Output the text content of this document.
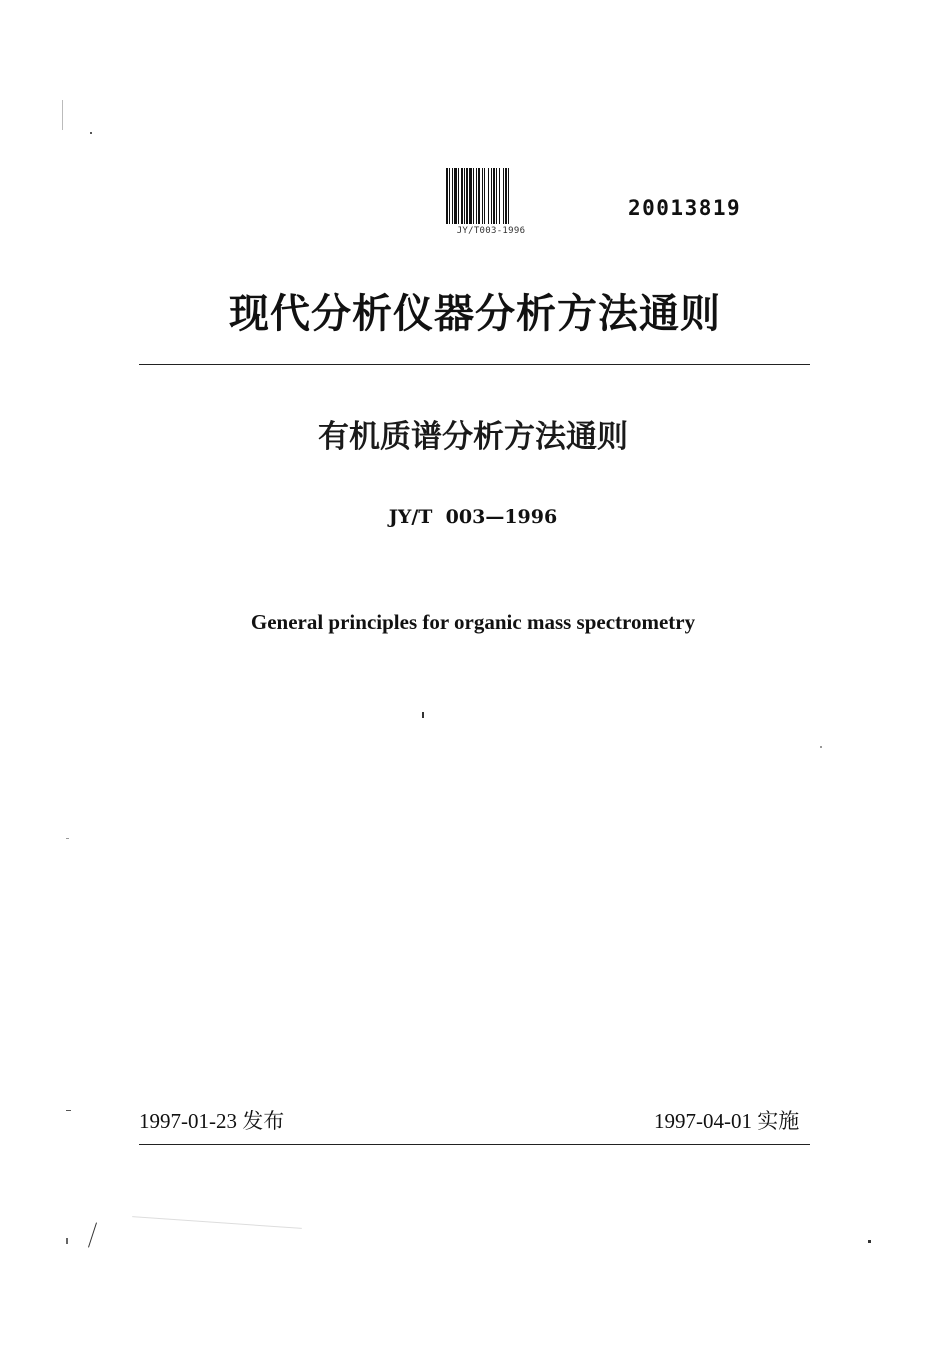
JY/T003-1996
20013819
现代分析仪器分析方法通则
有机质谱分析方法通则
JY/T  003—1996
General principles for organic mass spectrometry
1997-01-23 发布	1997-04-01 实施
